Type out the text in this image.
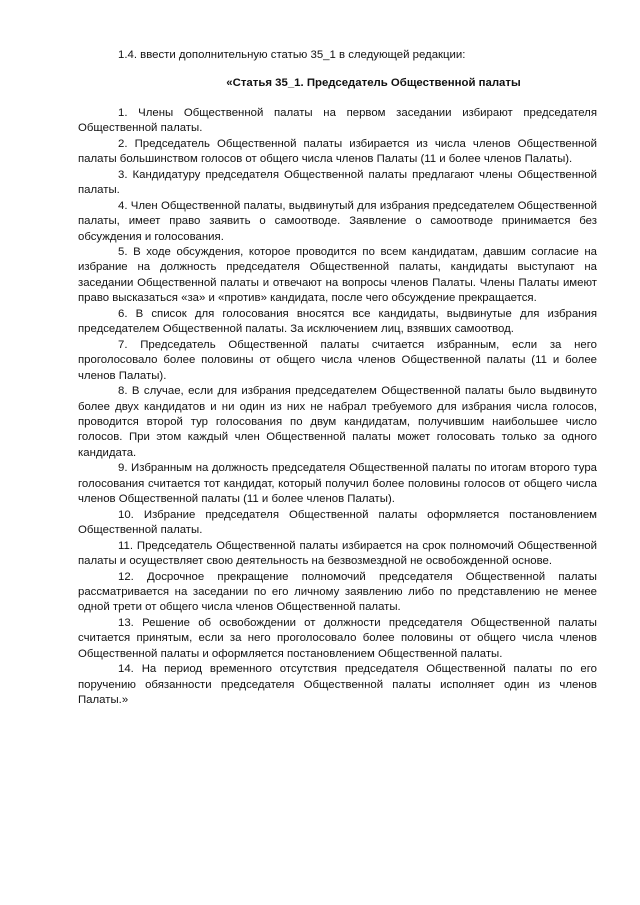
1.4. ввести дополнительную статью 35_1 в следующей редакции:

«Статья 35_1. Председатель Общественной палаты

1. Члены Общественной палаты на первом заседании избирают председателя Общественной палаты.

2. Председатель Общественной палаты избирается из числа членов Общественной палаты большинством голосов от общего числа членов Палаты (11 и более членов Палаты).

3. Кандидатуру председателя Общественной палаты предлагают члены Общественной палаты.

4. Член Общественной палаты, выдвинутый для избрания председателем Общественной палаты, имеет право заявить о самоотводе. Заявление о самоотводе принимается без обсуждения и голосования.

5. В ходе обсуждения, которое проводится по всем кандидатам, давшим согласие на избрание на должность председателя Общественной палаты, кандидаты выступают на заседании Общественной палаты и отвечают на вопросы членов Палаты. Члены Палаты имеют право высказаться «за» и «против» кандидата, после чего обсуждение прекращается.

6. В список для голосования вносятся все кандидаты, выдвинутые для избрания председателем Общественной палаты. За исключением лиц, взявших самоотвод.

7. Председатель Общественной палаты считается избранным, если за него проголосовало более половины от общего числа членов Общественной палаты (11 и более членов Палаты).

8. В случае, если для избрания председателем Общественной палаты было выдвинуто более двух кандидатов и ни один из них не набрал требуемого для избрания числа голосов, проводится второй тур голосования по двум кандидатам, получившим наибольшее число голосов. При этом каждый член Общественной палаты может голосовать только за одного кандидата.

9. Избранным на должность председателя Общественной палаты по итогам второго тура голосования считается тот кандидат, который получил более половины голосов от общего числа членов Общественной палаты (11 и более членов Палаты).

10. Избрание председателя Общественной палаты оформляется постановлением Общественной палаты.

11. Председатель Общественной палаты избирается на срок полномочий Общественной палаты и осуществляет свою деятельность на безвозмездной не освобожденной основе.

12. Досрочное прекращение полномочий председателя Общественной палаты рассматривается на заседании по его личному заявлению либо по представлению не менее одной трети от общего числа членов Общественной палаты.

13. Решение об освобождении от должности председателя Общественной палаты считается принятым, если за него проголосовало более половины от общего числа членов Общественной палаты и оформляется постановлением Общественной палаты.

14. На период временного отсутствия председателя Общественной палаты по его поручению обязанности председателя Общественной палаты исполняет один из членов Палаты.»
